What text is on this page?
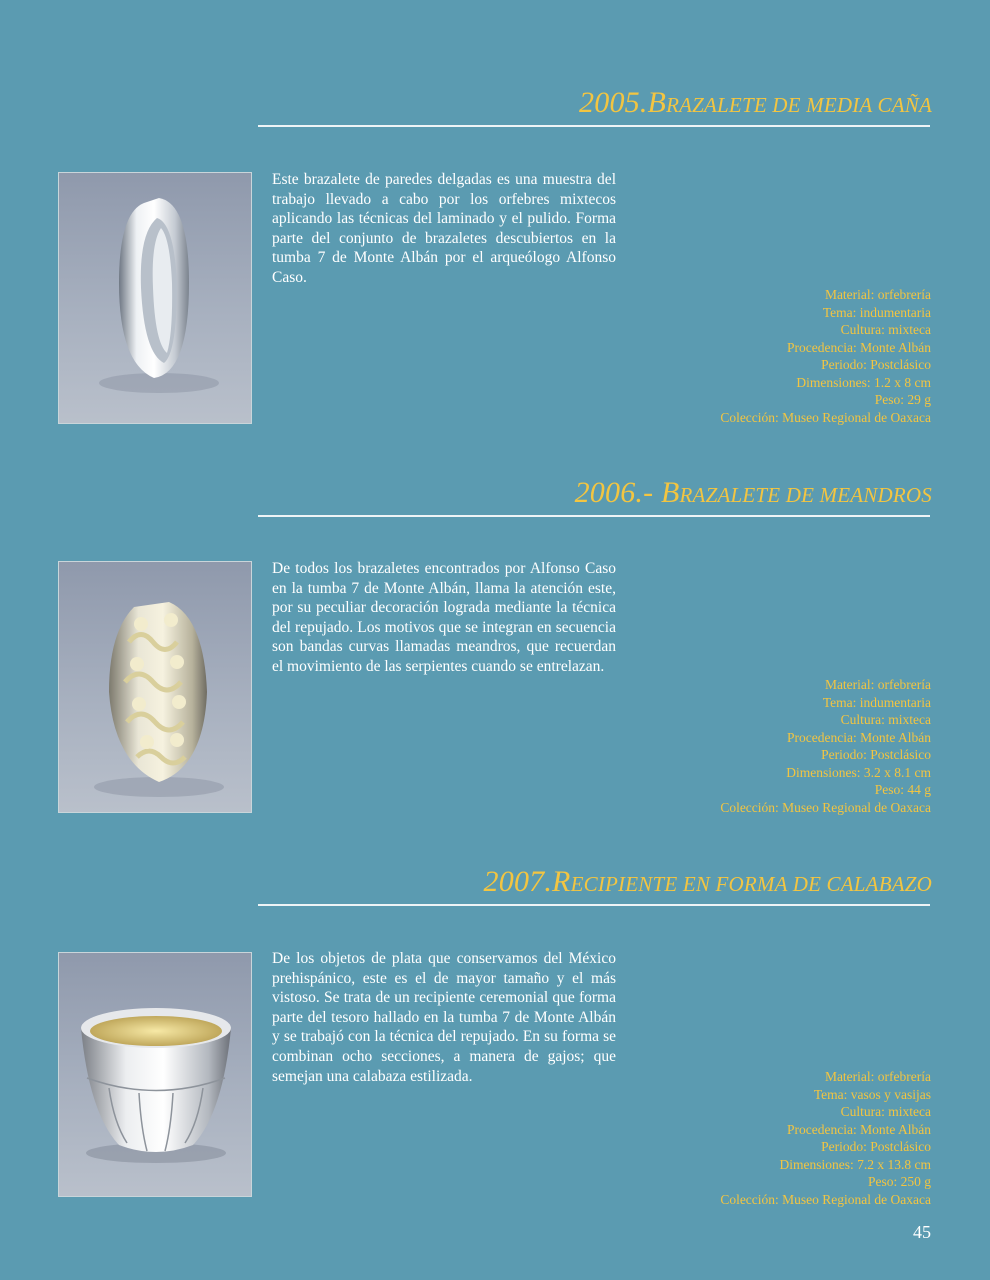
2005.BRAZALETE DE MEDIA CAÑA

Este brazalete de paredes delgadas es una muestra del trabajo llevado a cabo por los orfebres mixtecos aplicando las técnicas del laminado y el pulido. Forma parte del conjunto de brazaletes descubiertos en la tumba 7 de Monte Albán por el arqueólogo Alfonso Caso.

Material: orfebrería
Tema: indumentaria
Cultura: mixteca
Procedencia: Monte Albán
Periodo: Postclásico
Dimensiones: 1.2 x 8 cm
Peso: 29 g
Colección: Museo Regional de Oaxaca
2006.- BRAZALETE DE MEANDROS

De todos los brazaletes encontrados por Alfonso Caso en la tumba 7 de Monte Albán, llama la atención este, por su peculiar decoración lograda mediante la técnica del repujado. Los motivos que se integran en secuencia son bandas curvas llamadas meandros, que recuerdan el movimiento de las serpientes cuando se entrelazan.

Material: orfebrería
Tema: indumentaria
Cultura: mixteca
Procedencia: Monte Albán
Periodo: Postclásico
Dimensiones: 3.2 x 8.1 cm
Peso: 44 g
Colección: Museo Regional de Oaxaca
2007.RECIPIENTE EN FORMA DE CALABAZO

De los objetos de plata que conservamos del México prehispánico, este es el de mayor tamaño y el más vistoso. Se trata de un recipiente ceremonial que forma parte del tesoro hallado en la tumba 7 de Monte Albán y se trabajó con la técnica del repujado. En su forma se combinan ocho secciones, a manera de gajos; que semejan una calabaza estilizada.	Material: orfebrería
Tema: vasos y vasijas
Cultura: mixteca
Procedencia: Monte Albán
Periodo: Postclásico
Dimensiones: 7.2 x 13.8 cm
Peso: 250 g
Colección: Museo Regional de Oaxaca
45
